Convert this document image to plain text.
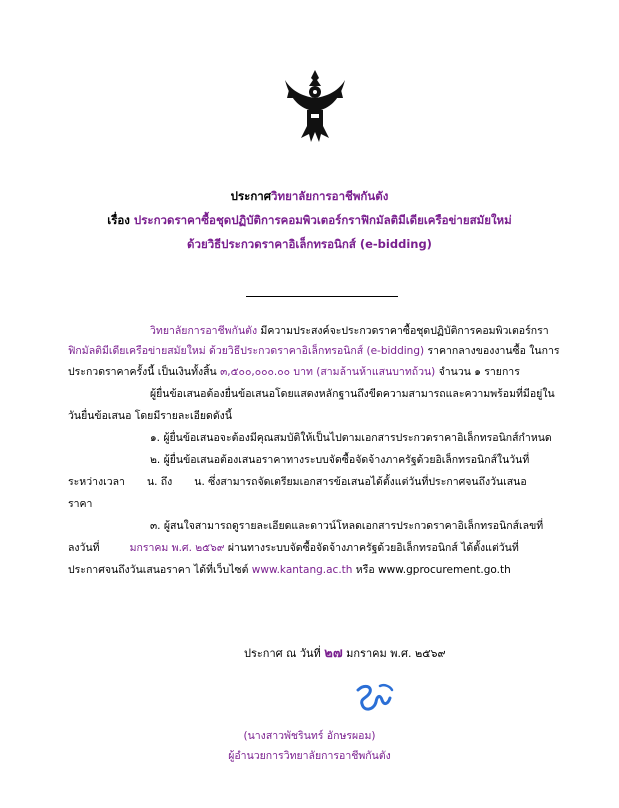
ประกาศวิทยาลัยการอาชีพกันตัง
เรื่อง ประกวดราคาซื้อชุดปฏิบัติการคอมพิวเตอร์กราฟิกมัลติมีเดียเครือข่ายสมัยใหม่
ด้วยวิธีประกวดราคาอิเล็กทรอนิกส์ (e-bidding)
วิทยาลัยการอาชีพกันตัง มีความประสงค์จะประกวดราคาซื้อชุดปฏิบัติการคอมพิวเตอร์กรา
ฟิกมัลติมีเดียเครือข่ายสมัยใหม่ ด้วยวิธีประกวดราคาอิเล็กทรอนิกส์ (e-bidding) ราคากลางของงานซื้อ ในการ
ประกวดราคาครั้งนี้ เป็นเงินทั้งสิ้น ๓,๕๐๐,๐๐๐.๐๐ บาท (สามล้านห้าแสนบาทถ้วน) จำนวน ๑ รายการ
ผู้ยื่นข้อเสนอต้องยื่นข้อเสนอโดยแสดงหลักฐานถึงขีดความสามารถและความพร้อมที่มีอยู่ใน
วันยื่นข้อเสนอ โดยมีรายละเอียดดังนี้
๑. ผู้ยื่นข้อเสนอจะต้องมีคุณสมบัติให้เป็นไปตามเอกสารประกวดราคาอิเล็กทรอนิกส์กำหนด
๒. ผู้ยื่นข้อเสนอต้องเสนอราคาทางระบบจัดซื้อจัดจ้างภาครัฐด้วยอิเล็กทรอนิกส์ในวันที่
ระหว่างเวลา น. ถึง น. ซึ่งสามารถจัดเตรียมเอกสารข้อเสนอได้ตั้งแต่วันที่ประกาศจนถึงวันเสนอ
ราคา
๓. ผู้สนใจสามารถดูรายละเอียดและดาวน์โหลดเอกสารประกวดราคาอิเล็กทรอนิกส์เลขที่
ลงวันที่	มกราคม พ.ศ. ๒๕๖๙ ผ่านทางระบบจัดซื้อจัดจ้างภาครัฐด้วยอิเล็กทรอนิกส์ ได้ตั้งแต่วันที่
ประกาศจนถึงวันเสนอราคา ได้ที่เว็บไซต์ www.kantang.ac.th หรือ www.gprocurement.go.th
ประกาศ ณ วันที่ ๒๗ มกราคม พ.ศ. ๒๕๖๙
(นางสาวพัชรินทร์ อักษรผอม)
ผู้อำนวยการวิทยาลัยการอาชีพกันตัง
